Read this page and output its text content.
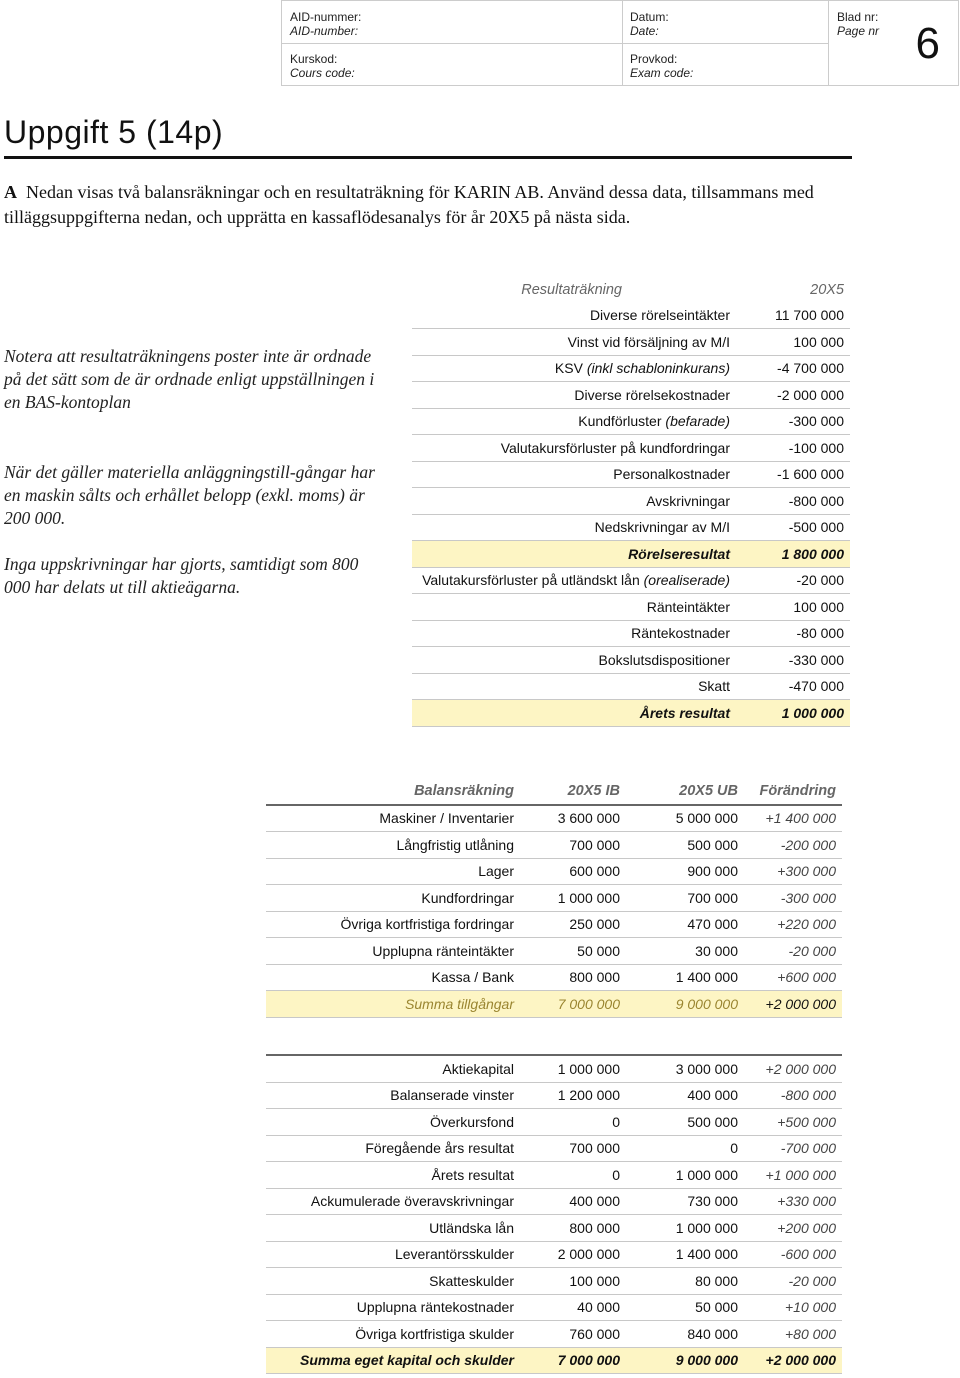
AID-nummer:
AID-number:
Datum:
Date:
Blad nr:
Page nr
Kurskod:
Cours code:
Provkod:
Exam code:
6
Uppgift 5 (14p)
A Nedan visas två balansräkningar och en resultaträkning för KARIN AB. Använd dessa data, tillsammans med tilläggsuppgifterna nedan, och upprätta en kassaflödesanalys för år 20X5 på nästa sida.
Notera att resultaträkningens poster inte är ordnade på det sätt som de är ordnade enligt uppställningen i en BAS-kontoplan
När det gäller materiella anläggningstill-gångar har en maskin sålts och erhållet belopp (exkl. moms) är 200 000.
Inga uppskrivningar har gjorts, samtidigt som 800 000 har delats ut till aktieägarna.
Resultaträkning	20X5
Diverse rörelseintäkter	11 700 000
Vinst vid försäljning av M/I	100 000
KSV (inkl schabloninkurans)	-4 700 000
Diverse rörelsekostnader	-2 000 000
Kundförluster (befarade)	-300 000
Valutakursförluster på kundfordringar	-100 000
Personalkostnader	-1 600 000
Avskrivningar	-800 000
Nedskrivningar av M/I	-500 000
Rörelseresultat	1 800 000
Valutakursförluster på utländskt lån (orealiserade)	-20 000
Ränteintäkter	100 000
Räntekostnader	-80 000
Bokslutsdispositioner	-330 000
Skatt	-470 000
Årets resultat	1 000 000
Balansräkning	20X5 IB	20X5 UB	Förändring
Maskiner / Inventarier	3 600 000	5 000 000	+1 400 000
Långfristig utlåning	700 000	500 000	-200 000
Lager	600 000	900 000	+300 000
Kundfordringar	1 000 000	700 000	-300 000
Övriga kortfristiga fordringar	250 000	470 000	+220 000
Upplupna ränteintäkter	50 000	30 000	-20 000
Kassa / Bank	800 000	1 400 000	+600 000
Summa tillgångar	7 000 000	9 000 000	+2 000 000
Aktiekapital	1 000 000	3 000 000	+2 000 000
Balanserade vinster	1 200 000	400 000	-800 000
Överkursfond	0	500 000	+500 000
Föregående års resultat	700 000	0	-700 000
Årets resultat	0	1 000 000	+1 000 000
Ackumulerade överavskrivningar	400 000	730 000	+330 000
Utländska lån	800 000	1 000 000	+200 000
Leverantörsskulder	2 000 000	1 400 000	-600 000
Skatteskulder	100 000	80 000	-20 000
Upplupna räntekostnader	40 000	50 000	+10 000
Övriga kortfristiga skulder	760 000	840 000	+80 000
Summa eget kapital och skulder	7 000 000	9 000 000	+2 000 000
